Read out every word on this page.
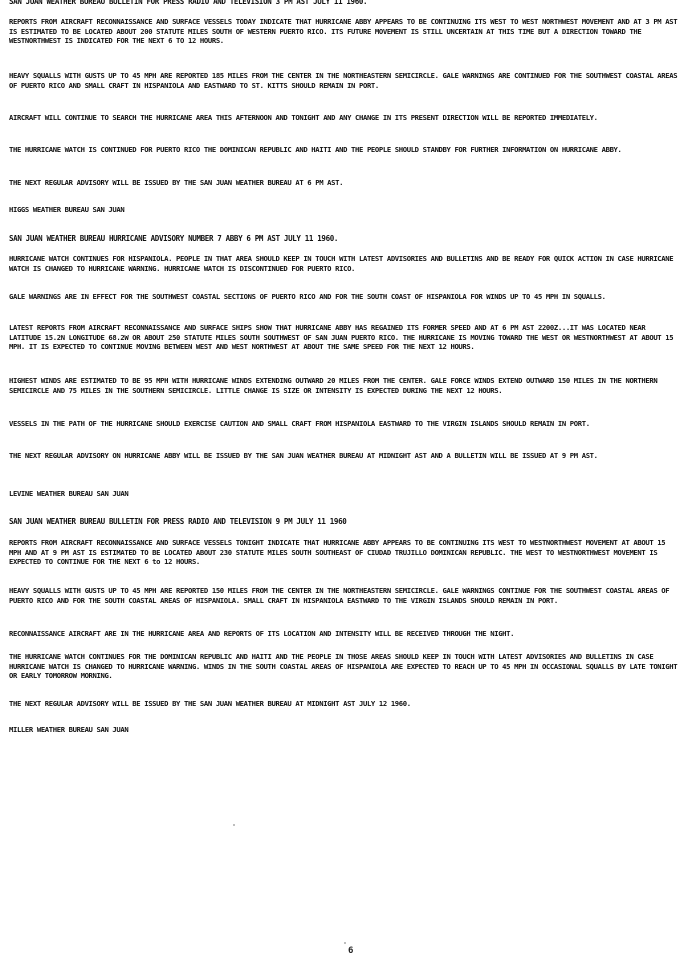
SAN JUAN WEATHER BUREAU BULLETIN FOR PRESS RADIO AND TELEVISION 3 PM AST JULY 11 1960.
REPORTS FROM AIRCRAFT RECONNAISSANCE AND SURFACE VESSELS TODAY INDICATE THAT HURRICANE ABBY APPEARS TO BE CONTINUING ITS WEST TO WEST NORTHWEST MOVEMENT AND AT 3 PM AST IS ESTIMATED TO BE LOCATED ABOUT 200 STATUTE MILES SOUTH OF WESTERN PUERTO RICO. ITS FUTURE MOVEMENT IS STILL UNCERTAIN AT THIS TIME BUT A DIRECTION TOWARD THE WESTNORTHWEST IS INDICATED FOR THE NEXT 6 TO 12 HOURS.
HEAVY SQUALLS WITH GUSTS UP TO 45 MPH ARE REPORTED 185 MILES FROM THE CENTER IN THE NORTHEASTERN SEMICIRCLE. GALE WARNINGS ARE CONTINUED FOR THE SOUTHWEST COASTAL AREAS OF PUERTO RICO AND SMALL CRAFT IN HISPANIOLA AND EASTWARD TO ST. KITTS SHOULD REMAIN IN PORT.
AIRCRAFT WILL CONTINUE TO SEARCH THE HURRICANE AREA THIS AFTERNOON AND TONIGHT AND ANY CHANGE IN ITS PRESENT DIRECTION WILL BE REPORTED IMMEDIATELY.
THE HURRICANE WATCH IS CONTINUED FOR PUERTO RICO THE DOMINICAN REPUBLIC AND HAITI AND THE PEOPLE SHOULD STANDBY FOR FURTHER INFORMATION ON HURRICANE ABBY.
THE NEXT REGULAR ADVISORY WILL BE ISSUED BY THE SAN JUAN WEATHER BUREAU AT 6 PM AST.
HIGGS WEATHER BUREAU SAN JUAN
SAN JUAN WEATHER BUREAU HURRICANE ADVISORY NUMBER 7 ABBY 6 PM AST JULY 11 1960.
HURRICANE WATCH CONTINUES FOR HISPANIOLA. PEOPLE IN THAT AREA SHOULD KEEP IN TOUCH WITH LATEST ADVISORIES AND BULLETINS AND BE READY FOR QUICK ACTION IN CASE HURRICANE WATCH IS CHANGED TO HURRICANE WARNING. HURRICANE WATCH IS DISCONTINUED FOR PUERTO RICO.
GALE WARNINGS ARE IN EFFECT FOR THE SOUTHWEST COASTAL SECTIONS OF PUERTO RICO AND FOR THE SOUTH COAST OF HISPANIOLA FOR WINDS UP TO 45 MPH IN SQUALLS.
LATEST REPORTS FROM AIRCRAFT RECONNAISSANCE AND SURFACE SHIPS SHOW THAT HURRICANE ABBY HAS REGAINED ITS FORMER SPEED AND AT 6 PM AST 2200Z...IT WAS LOCATED NEAR LATITUDE 15.2N LONGITUDE 68.2W OR ABOUT 250 STATUTE MILES SOUTH SOUTHWEST OF SAN JUAN PUERTO RICO. THE HURRICANE IS MOVING TOWARD THE WEST OR WESTNORTHWEST AT ABOUT 15 MPH. IT IS EXPECTED TO CONTINUE MOVING BETWEEN WEST AND WEST NORTHWEST AT ABOUT THE SAME SPEED FOR THE NEXT 12 HOURS.
HIGHEST WINDS ARE ESTIMATED TO BE 95 MPH WITH HURRICANE WINDS EXTENDING OUTWARD 20 MILES FROM THE CENTER. GALE FORCE WINDS EXTEND OUTWARD 150 MILES IN THE NORTHERN SEMICIRCLE AND 75 MILES IN THE SOUTHERN SEMICIRCLE. LITTLE CHANGE IS SIZE OR INTENSITY IS EXPECTED DURING THE NEXT 12 HOURS.
VESSELS IN THE PATH OF THE HURRICANE SHOULD EXERCISE CAUTION AND SMALL CRAFT FROM HISPANIOLA EASTWARD TO THE VIRGIN ISLANDS SHOULD REMAIN IN PORT.
THE NEXT REGULAR ADVISORY ON HURRICANE ABBY WILL BE ISSUED BY THE SAN JUAN WEATHER BUREAU AT MIDNIGHT AST AND A BULLETIN WILL BE ISSUED AT 9 PM AST.
LEVINE WEATHER BUREAU SAN JUAN
SAN JUAN WEATHER BUREAU BULLETIN FOR PRESS RADIO AND TELEVISION 9 PM JULY 11 1960
REPORTS FROM AIRCRAFT RECONNAISSANCE AND SURFACE VESSELS TONIGHT INDICATE THAT HURRICANE ABBY APPEARS TO BE CONTINUING ITS WEST TO WESTNORTHWEST MOVEMENT AT ABOUT 15 MPH AND AT 9 PM AST IS ESTIMATED TO BE LOCATED ABOUT 230 STATUTE MILES SOUTH SOUTHEAST OF CIUDAD TRUJILLO DOMINICAN REPUBLIC. THE WEST TO WESTNORTHWEST MOVEMENT IS EXPECTED TO CONTINUE FOR THE NEXT 6 to 12 HOURS.
HEAVY SQUALLS WITH GUSTS UP TO 45 MPH ARE REPORTED 150 MILES FROM THE CENTER IN THE NORTHEASTERN SEMICIRCLE. GALE WARNINGS CONTINUE FOR THE SOUTHWEST COASTAL AREAS OF PUERTO RICO AND FOR THE SOUTH COASTAL AREAS OF HISPANIOLA. SMALL CRAFT IN HISPANIOLA EASTWARD TO THE VIRGIN ISLANDS SHOULD REMAIN IN PORT.
RECONNAISSANCE AIRCRAFT ARE IN THE HURRICANE AREA AND REPORTS OF ITS LOCATION AND INTENSITY WILL BE RECEIVED THROUGH THE NIGHT.
THE HURRICANE WATCH CONTINUES FOR THE DOMINICAN REPUBLIC AND HAITI AND THE PEOPLE IN THOSE AREAS SHOULD KEEP IN TOUCH WITH LATEST ADVISORIES AND BULLETINS IN CASE HURRICANE WATCH IS CHANGED TO HURRICANE WARNING. WINDS IN THE SOUTH COASTAL AREAS OF HISPANIOLA ARE EXPECTED TO REACH UP TO 45 MPH IN OCCASIONAL SQUALLS BY LATE TONIGHT OR EARLY TOMORROW MORNING.
THE NEXT REGULAR ADVISORY WILL BE ISSUED BY THE SAN JUAN WEATHER BUREAU AT MIDNIGHT AST JULY 12 1960.
MILLER WEATHER BUREAU SAN JUAN
6
